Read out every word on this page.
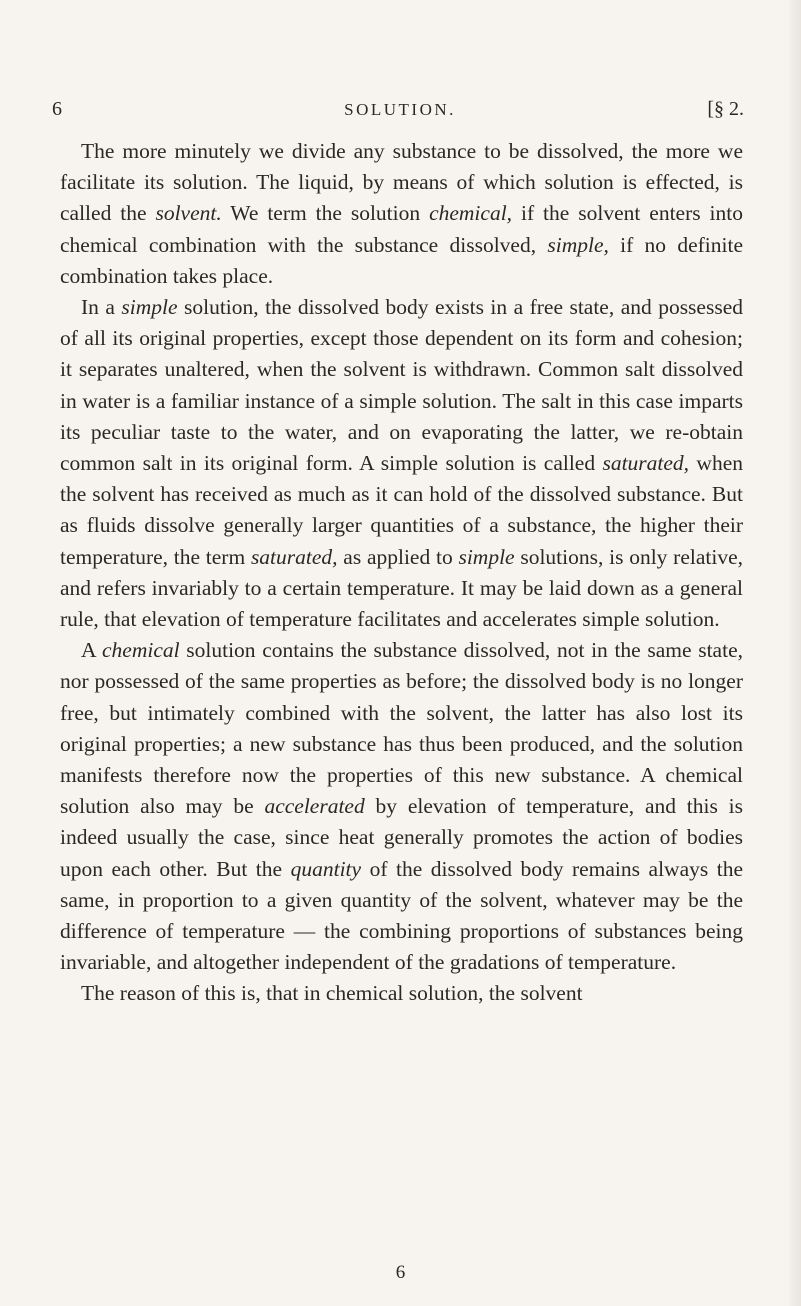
6	SOLUTION.	[§ 2.

The more minutely we divide any substance to be dissolved, the more we facilitate its solution. The liquid, by means of which solution is effected, is called the solvent. We term the solution chemical, if the solvent enters into chemical combination with the substance dissolved, simple, if no definite combination takes place.

In a simple solution, the dissolved body exists in a free state, and possessed of all its original properties, except those dependent on its form and cohesion; it separates unaltered, when the solvent is withdrawn. Common salt dissolved in water is a familiar instance of a simple solution. The salt in this case imparts its peculiar taste to the water, and on evaporating the latter, we re-obtain common salt in its original form. A simple solution is called saturated, when the solvent has received as much as it can hold of the dissolved substance. But as fluids dissolve generally larger quantities of a substance, the higher their temperature, the term saturated, as applied to simple solutions, is only relative, and refers invariably to a certain temperature. It may be laid down as a general rule, that elevation of temperature facilitates and accelerates simple solution.

A chemical solution contains the substance dissolved, not in the same state, nor possessed of the same properties as before; the dissolved body is no longer free, but intimately combined with the solvent, the latter has also lost its original properties; a new substance has thus been produced, and the solution manifests therefore now the properties of this new substance. A chemical solution also may be accelerated by elevation of temperature, and this is indeed usually the case, since heat generally promotes the action of bodies upon each other. But the quantity of the dissolved body remains always the same, in proportion to a given quantity of the solvent, whatever may be the difference of temperature — the combining proportions of substances being invariable, and altogether independent of the gradations of temperature.

The reason of this is, that in chemical solution, the solvent

6
